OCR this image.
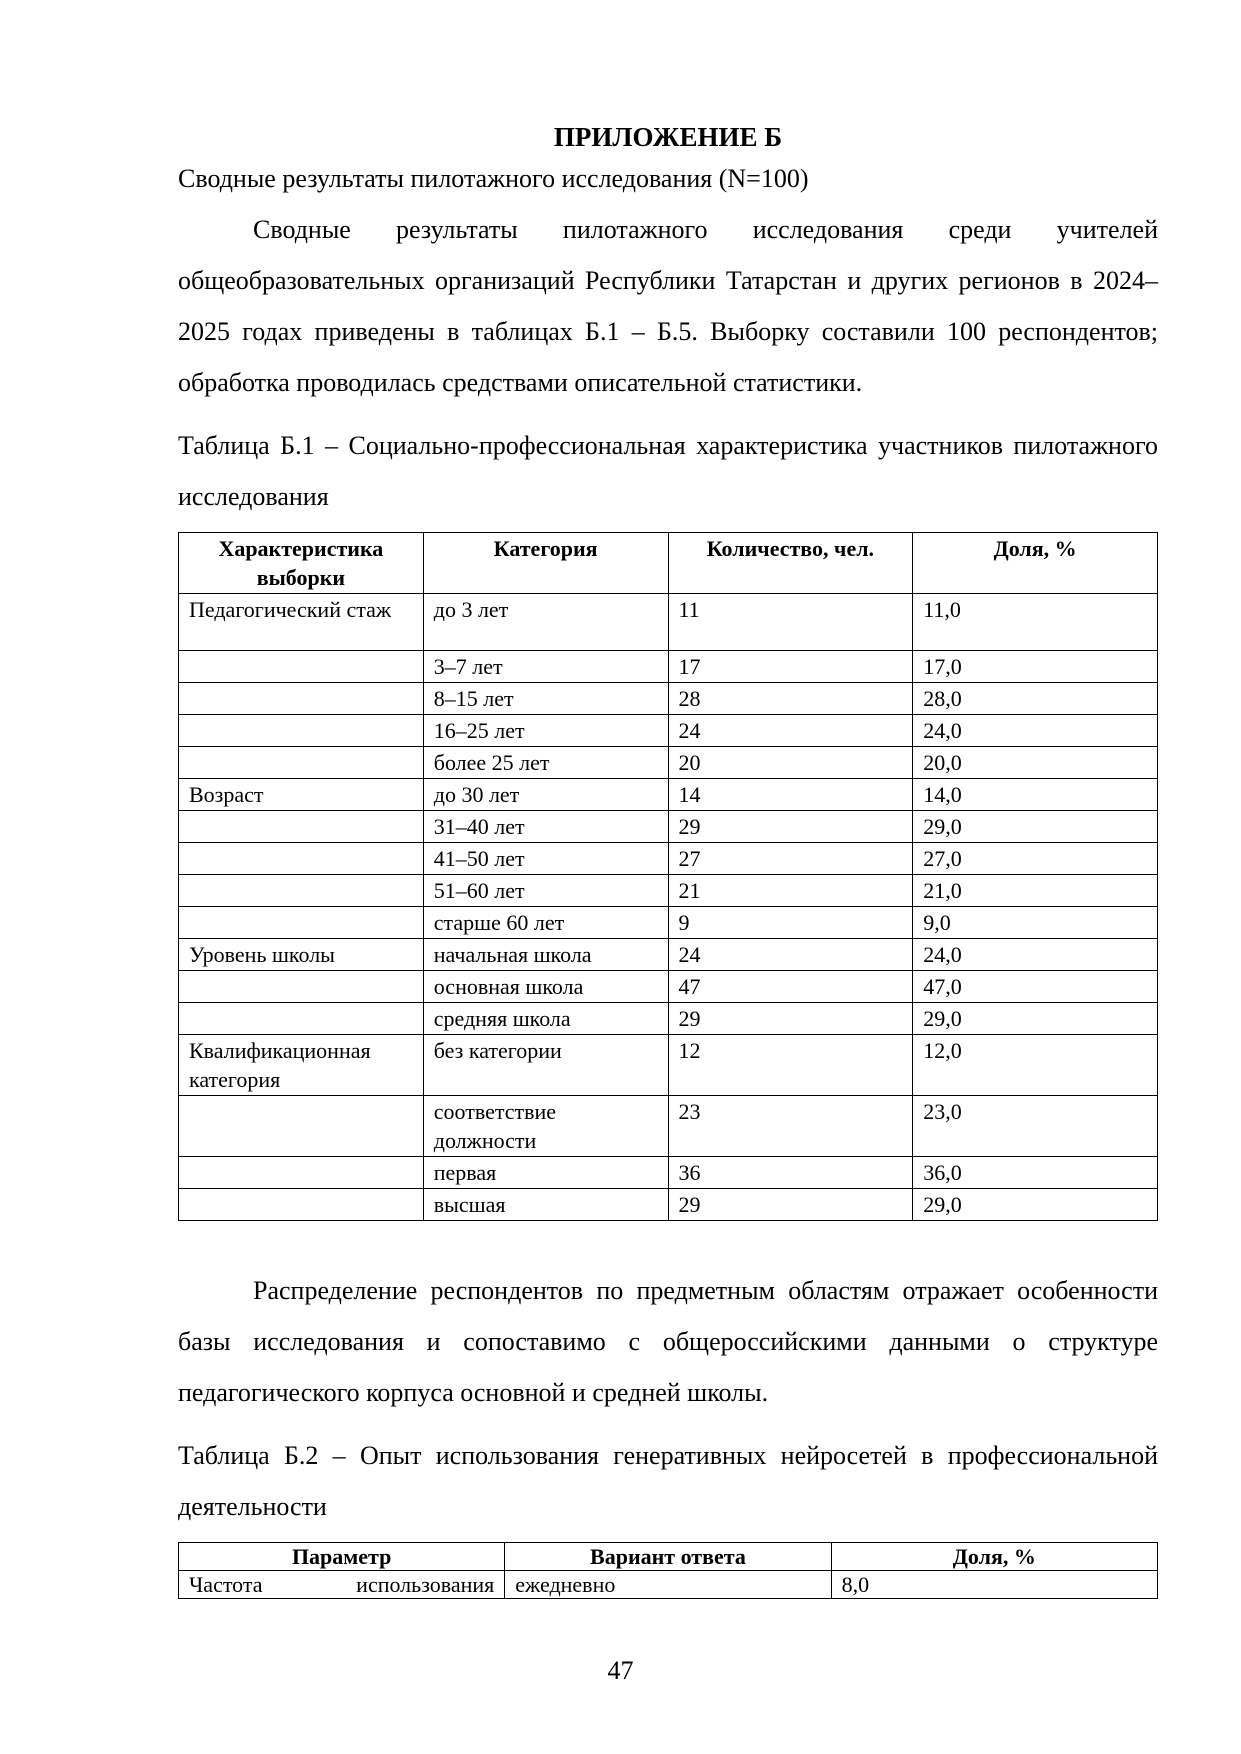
ПРИЛОЖЕНИЕ Б
Сводные результаты пилотажного исследования (N=100)

Сводные результаты пилотажного исследования среди учителей общеобразовательных организаций Республики Татарстан и других регионов в 2024–2025 годах приведены в таблицах Б.1 – Б.5. Выборку составили 100 респондентов; обработка проводилась средствами описательной статистики.

Таблица Б.1 – Социально-профессиональная характеристика участников пилотажного исследования

Характеристика выборки	Категория	Количество, чел.	Доля, %
Педагогический стаж	до 3 лет	11	11,0
	3–7 лет	17	17,0
	8–15 лет	28	28,0
	16–25 лет	24	24,0
	более 25 лет	20	20,0
Возраст	до 30 лет	14	14,0
	31–40 лет	29	29,0
	41–50 лет	27	27,0
	51–60 лет	21	21,0
	старше 60 лет	9	9,0
Уровень школы	начальная школа	24	24,0
	основная школа	47	47,0
	средняя школа	29	29,0
Квалификационная категория	без категории	12	12,0
	соответствие должности	23	23,0
	первая	36	36,0
	высшая	29	29,0

Распределение респондентов по предметным областям отражает особенности базы исследования и сопоставимо с общероссийскими данными о структуре педагогического корпуса основной и средней школы.

Таблица Б.2 – Опыт использования генеративных нейросетей в профессиональной деятельности

Параметр	Вариант ответа	Доля, %
Частота использования	ежедневно	8,0
47
